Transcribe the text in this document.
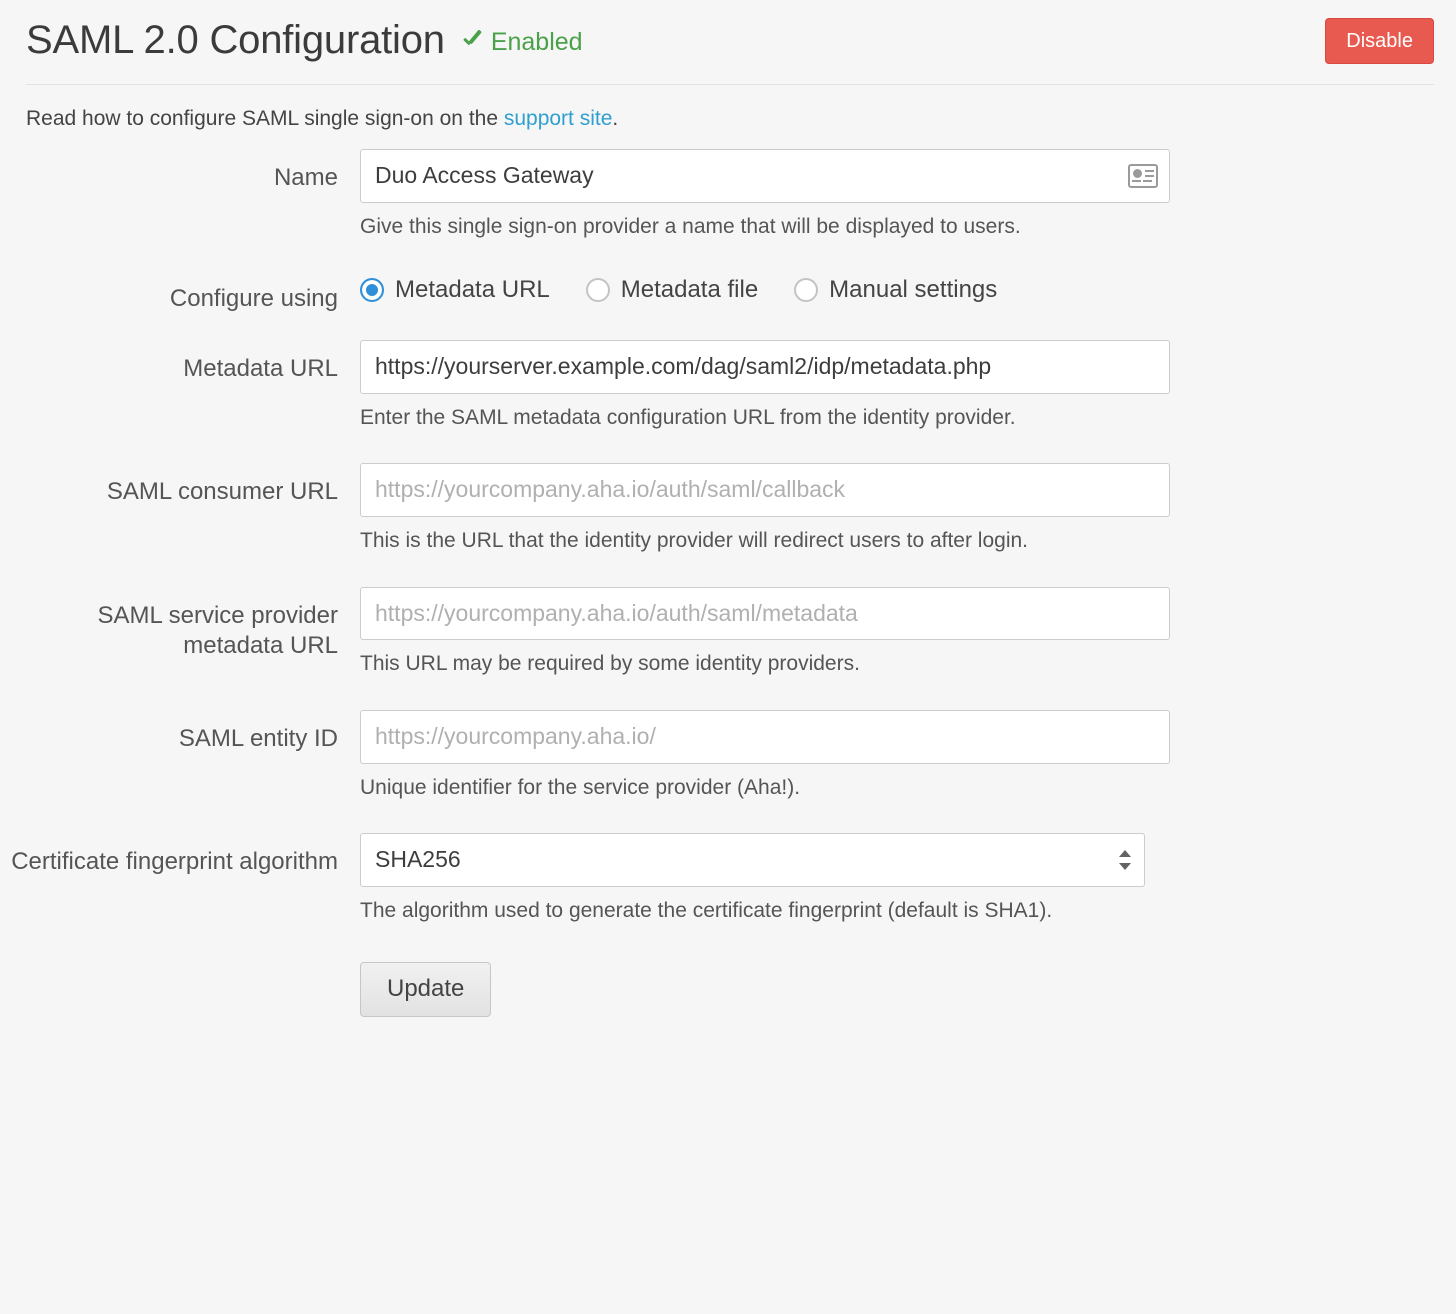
SAML 2.0 Configuration Enabled	Disable
Read how to configure SAML single sign-on on the support site.
Name
Duo Access Gateway
Give this single sign-on provider a name that will be displayed to users.
Configure using	Metadata URL	Metadata file	Manual settings
Metadata URL
https://yourserver.example.com/dag/saml2/idp/metadata.php
Enter the SAML metadata configuration URL from the identity provider.
SAML consumer URL
https://yourcompany.aha.io/auth/saml/callback
This is the URL that the identity provider will redirect users to after login.
SAML service provider metadata URL
https://yourcompany.aha.io/auth/saml/metadata
This URL may be required by some identity providers.
SAML entity ID
https://yourcompany.aha.io/
Unique identifier for the service provider (Aha!).
Certificate fingerprint algorithm
SHA256
The algorithm used to generate the certificate fingerprint (default is SHA1).
Update
